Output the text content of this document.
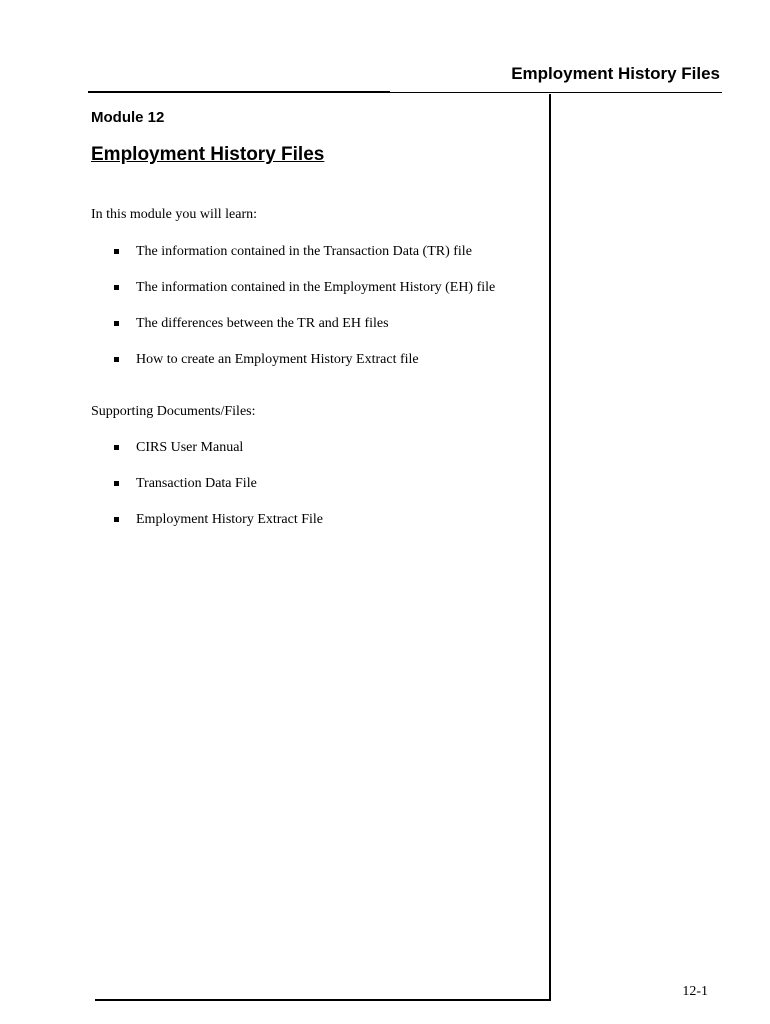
Employment History Files
Module 12
Employment History Files
In this module you will learn:
The information contained in the Transaction Data (TR) file
The information contained in the Employment History (EH) file
The differences between the TR and EH files
How to create an Employment History Extract file
Supporting Documents/Files:
CIRS User Manual
Transaction Data File
Employment History Extract File
12-1
